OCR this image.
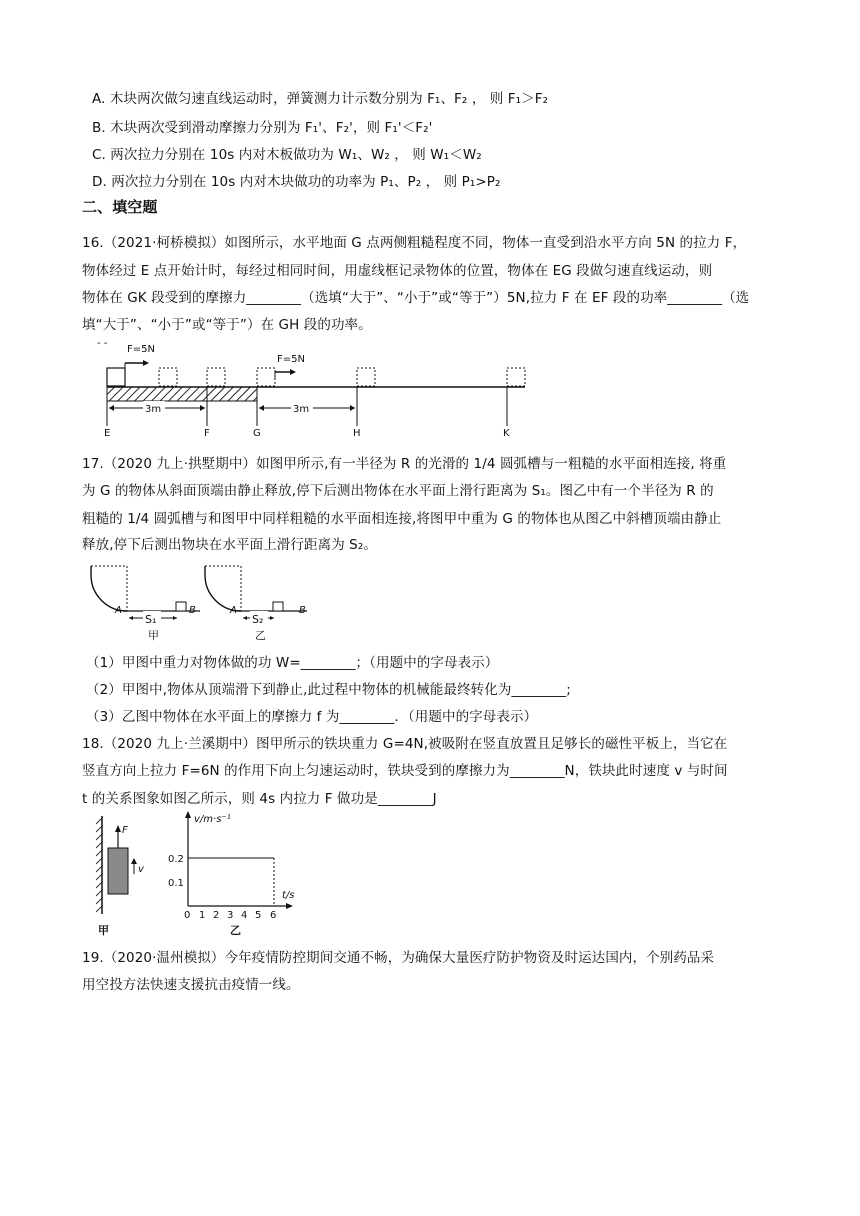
A. 木块两次做匀速直线运动时，弹簧测力计示数分别为 F₁、F₂ ， 则 F₁＞F₂
B. 木块两次受到滑动摩擦力分别为 F₁'、F₂'，则 F₁'＜F₂'
C. 两次拉力分别在 10s 内对木板做功为 W₁、W₂ ， 则 W₁＜W₂
D. 两次拉力分别在 10s 内对木块做功的功率为 P₁、P₂ ， 则 P₁>P₂
二、填空题
16.（2021·柯桥模拟）如图所示，水平地面 G 点两侧粗糙程度不同，物体一直受到沿水平方向 5N 的拉力 F，
物体经过 E 点开始计时，每经过相同时间，用虚线框记录物体的位置，物体在 EG 段做匀速直线运动，则
物体在 GK 段受到的摩擦力________（选填“大于”、“小于”或“等于”）5N,拉力 F 在 EF 段的功率________（选
填“大于”、“小于”或“等于”）在 GH 段的功率。
- -
F=5N
F=5N
3m	3m
E	F	G	H	K
17.（2020 九上·拱墅期中）如图甲所示,有一半径为 R 的光滑的 1/4 圆弧槽与一粗糙的水平面相连接, 将重
为 G 的物体从斜面顶端由静止释放,停下后测出物体在水平面上滑行距离为 S₁。图乙中有一个半径为 R 的
粗糙的 1/4 圆弧槽与和图甲中同样粗糙的水平面相连接,将图甲中重为 G 的物体也从图乙中斜槽顶端由静止
释放,停下后测出物块在水平面上滑行距离为 S₂。
A	B
S₁
甲
A	B
S₂
乙
（1）甲图中重力对物体做的功 W=________；（用题中的字母表示）
（2）甲图中,物体从顶端滑下到静止,此过程中物体的机械能最终转化为________;
（3）乙图中物体在水平面上的摩擦力 f 为________．（用题中的字母表示）
18.（2020 九上·兰溪期中）图甲所示的铁块重力 G=4N,被吸附在竖直放置且足够长的磁性平板上，当它在
竖直方向上拉力 F=6N 的作用下向上匀速运动时，铁块受到的摩擦力为________N，铁块此时速度 v 与时间
t 的关系图象如图乙所示，则 4s 内拉力 F 做功是________J
F
v
甲
v/m·s⁻¹
t/s
0.2
0.1
0 1 2 3 4 5 6
乙
19.（2020·温州模拟）今年疫情防控期间交通不畅，为确保大量医疗防护物资及时运达国内，个别药品采
用空投方法快速支援抗击疫情一线。
